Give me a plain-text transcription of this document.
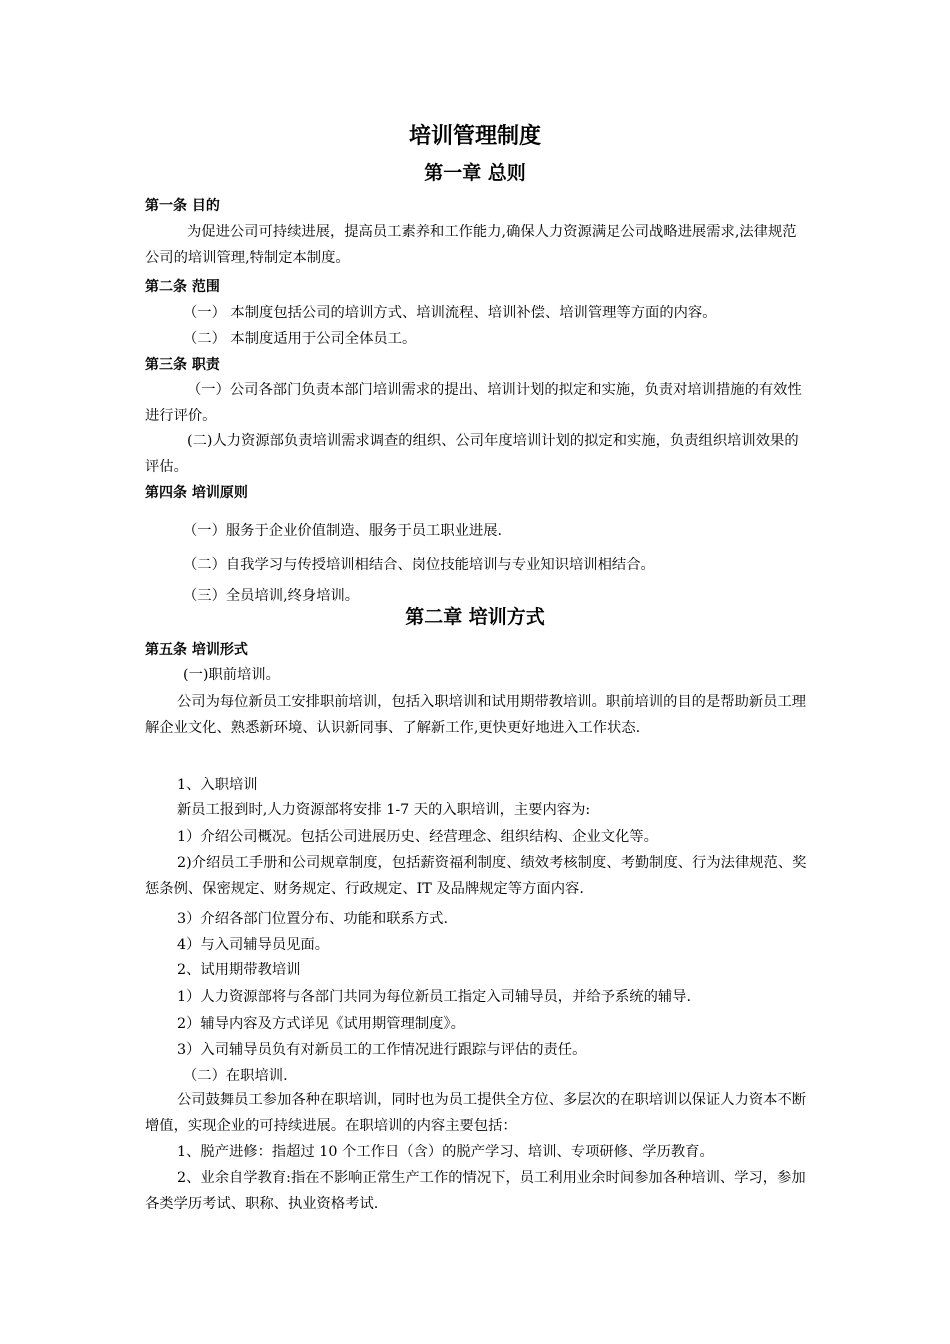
培训管理制度
第一章 总则
第一条 目的
为促进公司可持续进展，提高员工素养和工作能力,确保人力资源满足公司战略进展需求,法律规范公司的培训管理,特制定本制度。
第二条 范围
（一） 本制度包括公司的培训方式、培训流程、培训补偿、培训管理等方面的内容。
（二） 本制度适用于公司全体员工。
第三条 职责
（一）公司各部门负责本部门培训需求的提出、培训计划的拟定和实施，负责对培训措施的有效性进行评价。
(二)人力资源部负责培训需求调查的组织、公司年度培训计划的拟定和实施，负责组织培训效果的评估。
第四条 培训原则
（一）服务于企业价值制造、服务于员工职业进展.
（二）自我学习与传授培训相结合、岗位技能培训与专业知识培训相结合。
（三）全员培训,终身培训。
第二章 培训方式
第五条 培训形式
(一)职前培训。
公司为每位新员工安排职前培训，包括入职培训和试用期带教培训。职前培训的目的是帮助新员工理解企业文化、熟悉新环境、认识新同事、了解新工作,更快更好地进入工作状态.
1、入职培训
新员工报到时,人力资源部将安排 1-7 天的入职培训，主要内容为:
1）介绍公司概况。包括公司进展历史、经营理念、组织结构、企业文化等。
2)介绍员工手册和公司规章制度，包括薪资福利制度、绩效考核制度、考勤制度、行为法律规范、奖惩条例、保密规定、财务规定、行政规定、IT 及品牌规定等方面内容.
3）介绍各部门位置分布、功能和联系方式.
4）与入司辅导员见面。
2、试用期带教培训
1）人力资源部将与各部门共同为每位新员工指定入司辅导员，并给予系统的辅导.
2）辅导内容及方式详见《试用期管理制度》。
3）入司辅导员负有对新员工的工作情况进行跟踪与评估的责任。
（二）在职培训.
公司鼓舞员工参加各种在职培训，同时也为员工提供全方位、多层次的在职培训以保证人力资本不断增值，实现企业的可持续进展。在职培训的内容主要包括：
1、脱产进修：指超过 10 个工作日（含）的脱产学习、培训、专项研修、学历教育。
2、业余自学教育:指在不影响正常生产工作的情况下，员工利用业余时间参加各种培训、学习，参加各类学历考试、职称、执业资格考试.
